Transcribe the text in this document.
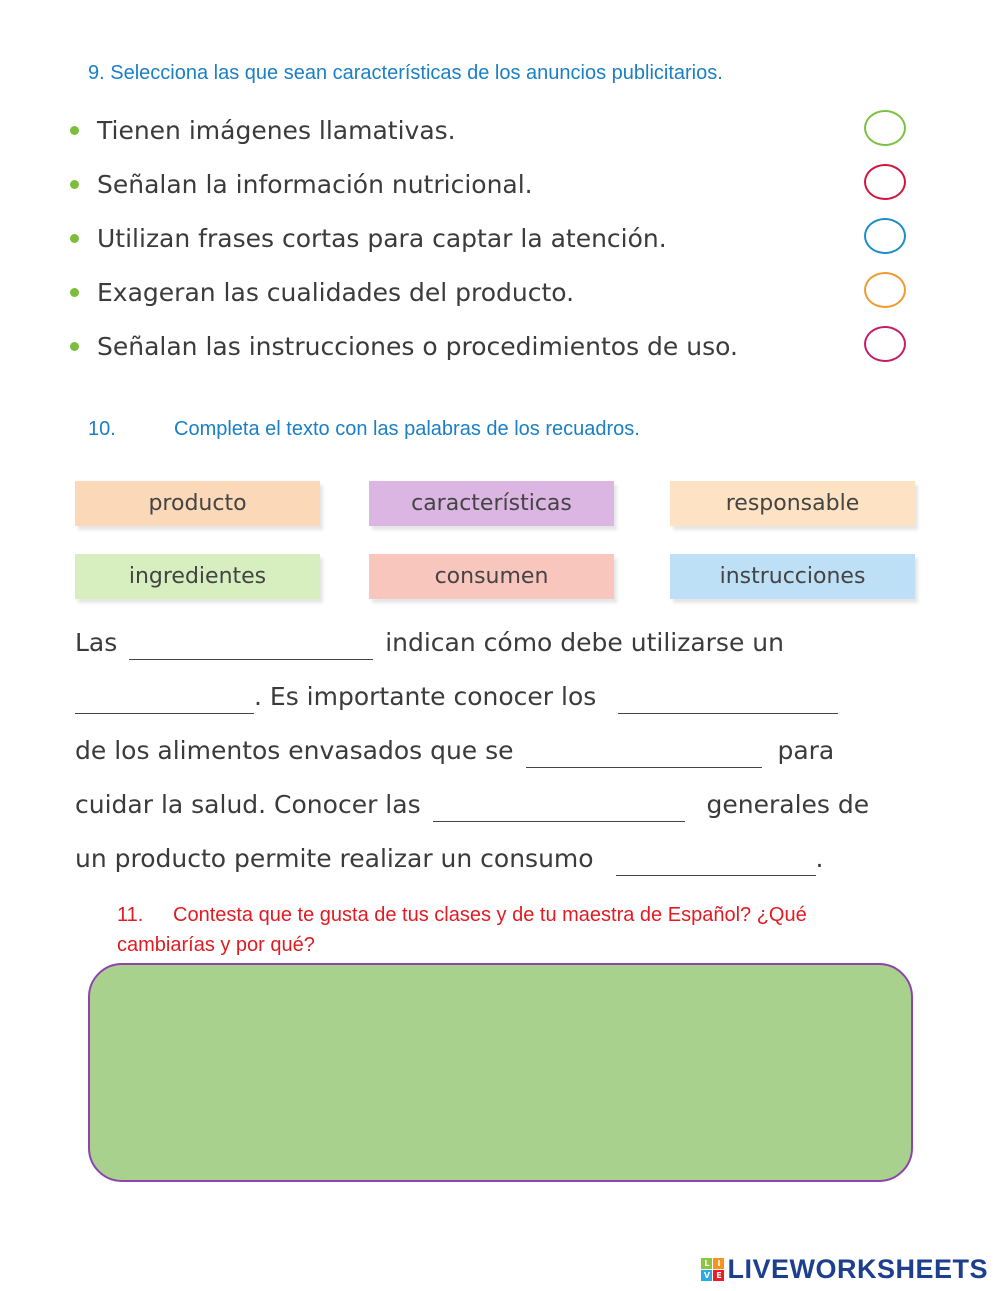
9. Selecciona las que sean características de los anuncios publicitarios.
Tienen imágenes llamativas.
Señalan la información nutricional.
Utilizan frases cortas para captar la atención.
Exageran las cualidades del producto.
Señalan las instrucciones o procedimientos de uso.
10.	Completa el texto con las palabras de los recuadros.
producto	características	responsable
ingredientes	consumen	instrucciones
Las	indican cómo debe utilizarse un
. Es importante conocer los
de los alimentos envasados que se	para
cuidar la salud. Conocer las	generales de
un producto permite realizar un consumo	.
11. Contesta que te gusta de tus clases y de tu maestra de Español? ¿Qué
cambiarías y por qué?
L I
V E LIVEWORKSHEETS
